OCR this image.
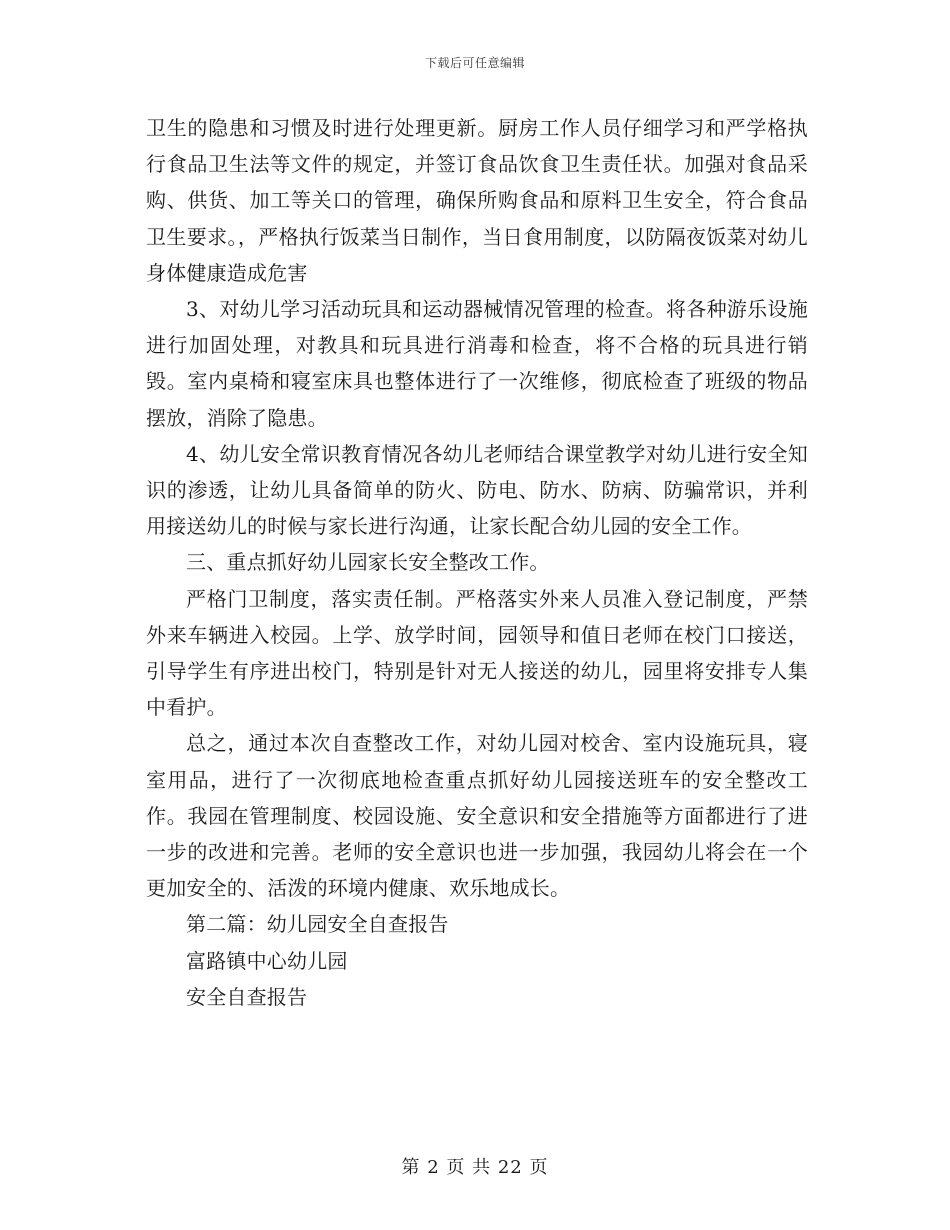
下载后可任意编辑

卫生的隐患和习惯及时进行处理更新。厨房工作人员仔细学习和严学格执行食品卫生法等文件的规定，并签订食品饮食卫生责任状。加强对食品采购、供货、加工等关口的管理，确保所购食品和原料卫生安全，符合食品卫生要求。，严格执行饭菜当日制作，当日食用制度，以防隔夜饭菜对幼儿身体健康造成危害

3、对幼儿学习活动玩具和运动器械情况管理的检查。将各种游乐设施进行加固处理，对教具和玩具进行消毒和检查，将不合格的玩具进行销毁。室内桌椅和寝室床具也整体进行了一次维修，彻底检查了班级的物品摆放，消除了隐患。

4、幼儿安全常识教育情况各幼儿老师结合课堂教学对幼儿进行安全知识的渗透，让幼儿具备简单的防火、防电、防水、防病、防骗常识，并利用接送幼儿的时候与家长进行沟通，让家长配合幼儿园的安全工作。

三、重点抓好幼儿园家长安全整改工作。

严格门卫制度，落实责任制。严格落实外来人员准入登记制度，严禁外来车辆进入校园。上学、放学时间，园领导和值日老师在校门口接送，引导学生有序进出校门，特别是针对无人接送的幼儿，园里将安排专人集中看护。

总之，通过本次自查整改工作，对幼儿园对校舍、室内设施玩具，寝室用品，进行了一次彻底地检查重点抓好幼儿园接送班车的安全整改工作。我园在管理制度、校园设施、安全意识和安全措施等方面都进行了进一步的改进和完善。老师的安全意识也进一步加强，我园幼儿将会在一个更加安全的、活泼的环境内健康、欢乐地成长。

第二篇：幼儿园安全自查报告

富路镇中心幼儿园

安全自查报告

第 2 页 共 22 页
